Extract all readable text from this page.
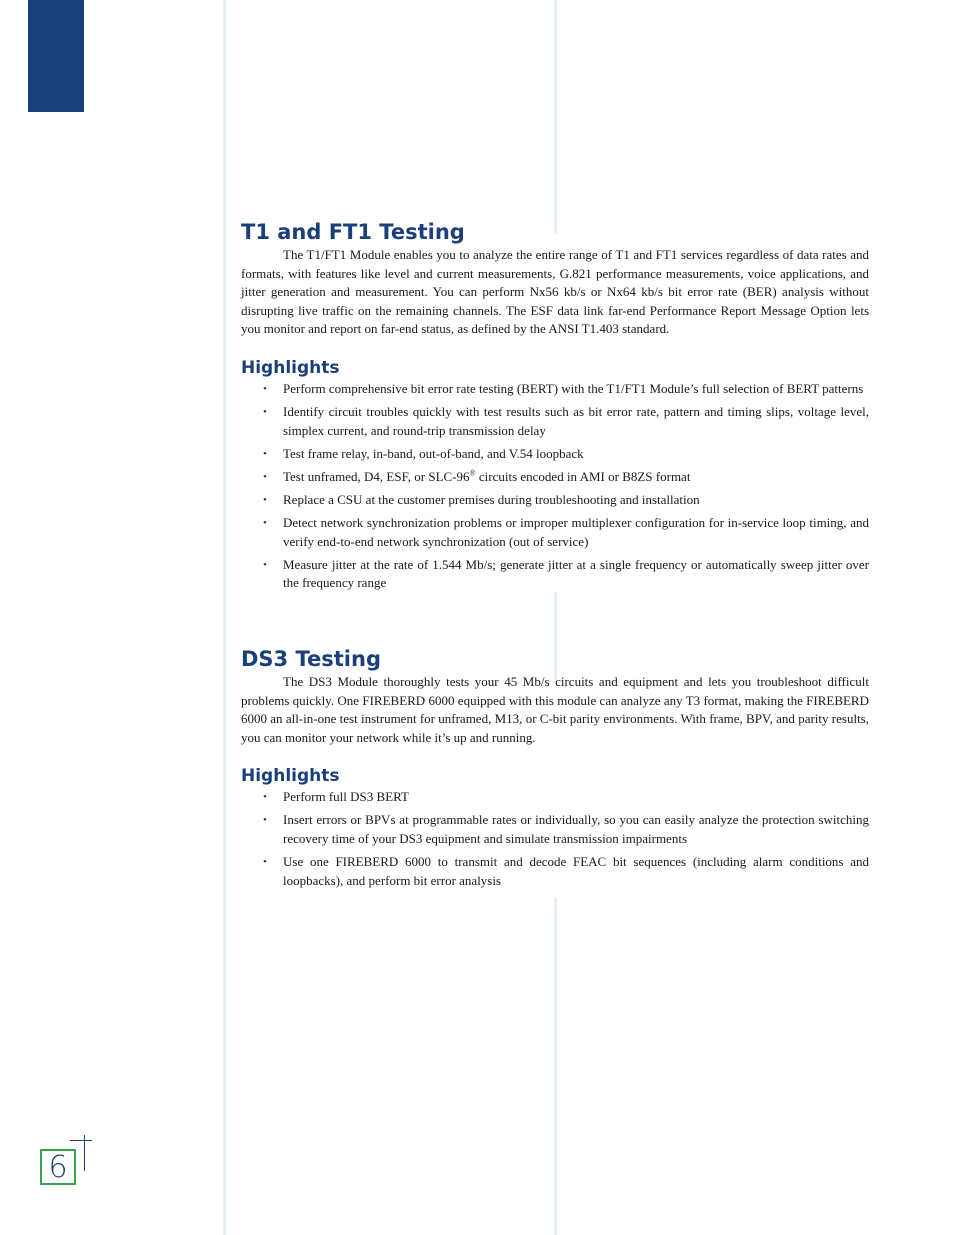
T1 and FT1 Testing

The T1/FT1 Module enables you to analyze the entire range of T1 and FT1 services regardless of data rates and formats, with features like level and current measurements, G.821 performance measurements, voice applications, and jitter generation and measurement. You can perform Nx56 kb/s or Nx64 kb/s bit error rate (BER) analysis without disrupting live traffic on the remaining channels. The ESF data link far-end Performance Report Message Option lets you monitor and report on far-end status, as defined by the ANSI T1.403 standard.

Highlights
• Perform comprehensive bit error rate testing (BERT) with the T1/FT1 Module’s full selection of BERT patterns
• Identify circuit troubles quickly with test results such as bit error rate, pattern and timing slips, voltage level, simplex current, and round-trip transmission delay
• Test frame relay, in-band, out-of-band, and V.54 loopback
• Test unframed, D4, ESF, or SLC-96® circuits encoded in AMI or B8ZS format
• Replace a CSU at the customer premises during troubleshooting and installation
• Detect network synchronization problems or improper multiplexer configuration for in-service loop timing, and verify end-to-end network synchronization (out of service)
• Measure jitter at the rate of 1.544 Mb/s; generate jitter at a single frequency or automatically sweep jitter over the frequency range
DS3 Testing

The DS3 Module thoroughly tests your 45 Mb/s circuits and equipment and lets you troubleshoot difficult problems quickly. One FIREBERD 6000 equipped with this module can analyze any T3 format, making the FIREBERD 6000 an all-in-one test instrument for unframed, M13, or C-bit parity environments. With frame, BPV, and parity results, you can monitor your network while it’s up and running.

Highlights
• Perform full DS3 BERT
• Insert errors or BPVs at programmable rates or individually, so you can easily analyze the protection switching recovery time of your DS3 equipment and simulate transmission impairments
• Use one FIREBERD 6000 to transmit and decode FEAC bit sequences (including alarm conditions and loopbacks), and perform bit error analysis
6
